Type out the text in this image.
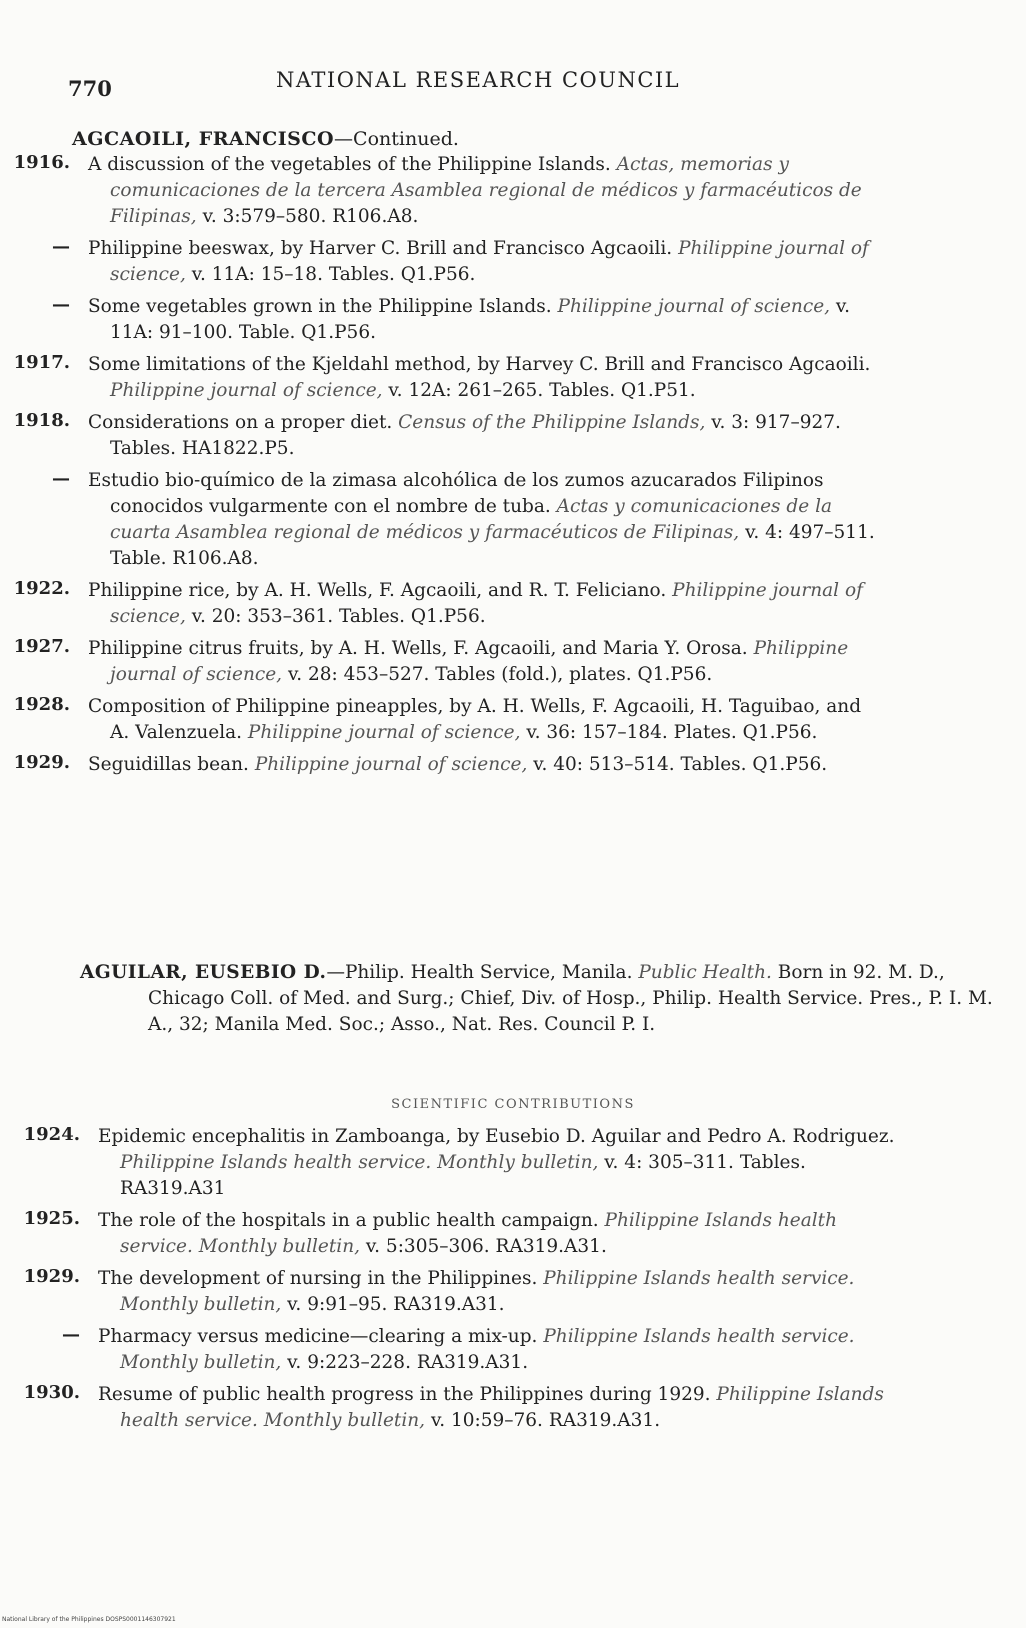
770	NATIONAL RESEARCH COUNCIL
AGCAOILI, FRANCISCO—Continued.
1916. A discussion of the vegetables of the Philippine Islands. Actas, memorias y comunicaciones de la tercera Asamblea regional de médicos y farmacéuticos de Filipinas, v. 3:579–580. R106.A8.
— Philippine beeswax, by Harver C. Brill and Francisco Agcaoili. Philippine journal of science, v. 11A: 15–18. Tables. Q1.P56.
— Some vegetables grown in the Philippine Islands. Philippine journal of science, v. 11A: 91–100. Table. Q1.P56.
1917. Some limitations of the Kjeldahl method, by Harvey C. Brill and Francisco Agcaoili. Philippine journal of science, v. 12A: 261–265. Tables. Q1.P51.
1918. Considerations on a proper diet. Census of the Philippine Islands, v. 3: 917–927. Tables. HA1822.P5.
— Estudio bio-químico de la zimasa alcohólica de los zumos azucarados Filipinos conocidos vulgarmente con el nombre de tuba. Actas y comunicaciones de la cuarta Asamblea regional de médicos y farmacéuticos de Filipinas, v. 4: 497–511. Table. R106.A8.
1922. Philippine rice, by A. H. Wells, F. Agcaoili, and R. T. Feliciano. Philippine journal of science, v. 20: 353–361. Tables. Q1.P56.
1927. Philippine citrus fruits, by A. H. Wells, F. Agcaoili, and Maria Y. Orosa. Philippine journal of science, v. 28: 453–527. Tables (fold.), plates. Q1.P56.
1928. Composition of Philippine pineapples, by A. H. Wells, F. Agcaoili, H. Taguibao, and A. Valenzuela. Philippine journal of science, v. 36: 157–184. Plates. Q1.P56.
1929. Seguidillas bean. Philippine journal of science, v. 40: 513–514. Tables. Q1.P56.
AGUILAR, EUSEBIO D.—Philip. Health Service, Manila. Public Health. Born in 92. M. D., Chicago Coll. of Med. and Surg.; Chief, Div. of Hosp., Philip. Health Service. Pres., P. I. M. A., 32; Manila Med. Soc.; Asso., Nat. Res. Council P. I.
SCIENTIFIC CONTRIBUTIONS
1924. Epidemic encephalitis in Zamboanga, by Eusebio D. Aguilar and Pedro A. Rodriguez. Philippine Islands health service. Monthly bulletin, v. 4: 305–311. Tables. RA319.A31
1925. The role of the hospitals in a public health campaign. Philippine Islands health service. Monthly bulletin, v. 5:305–306. RA319.A31.
1929. The development of nursing in the Philippines. Philippine Islands health service. Monthly bulletin, v. 9:91–95. RA319.A31.
— Pharmacy versus medicine—clearing a mix-up. Philippine Islands health service. Monthly bulletin, v. 9:223–228. RA319.A31.
1930. Resume of public health progress in the Philippines during 1929. Philippine Islands health service. Monthly bulletin, v. 10:59–76. RA319.A31.
National Library of the Philippines DOSPS0001146307921
